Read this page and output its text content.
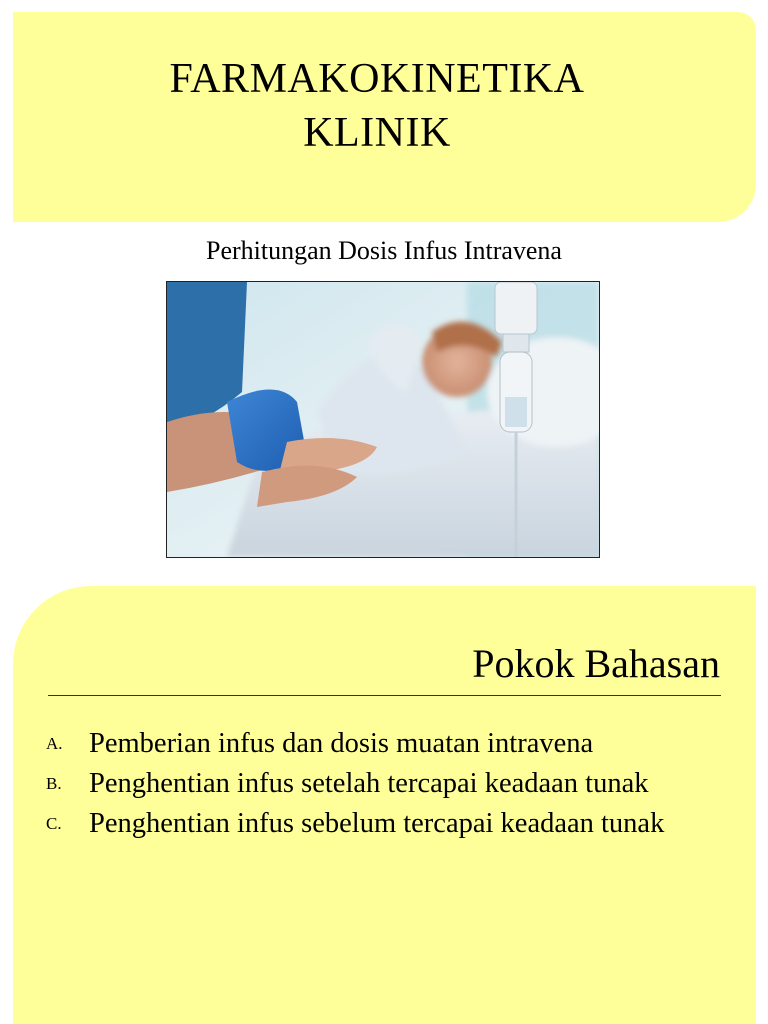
FARMAKOKINETIKA
KLINIK
Perhitungan Dosis Infus Intravena
Pokok Bahasan
A. Pemberian infus dan dosis muatan intravena
B. Penghentian infus setelah tercapai keadaan tunak
C. Penghentian infus sebelum tercapai keadaan tunak
